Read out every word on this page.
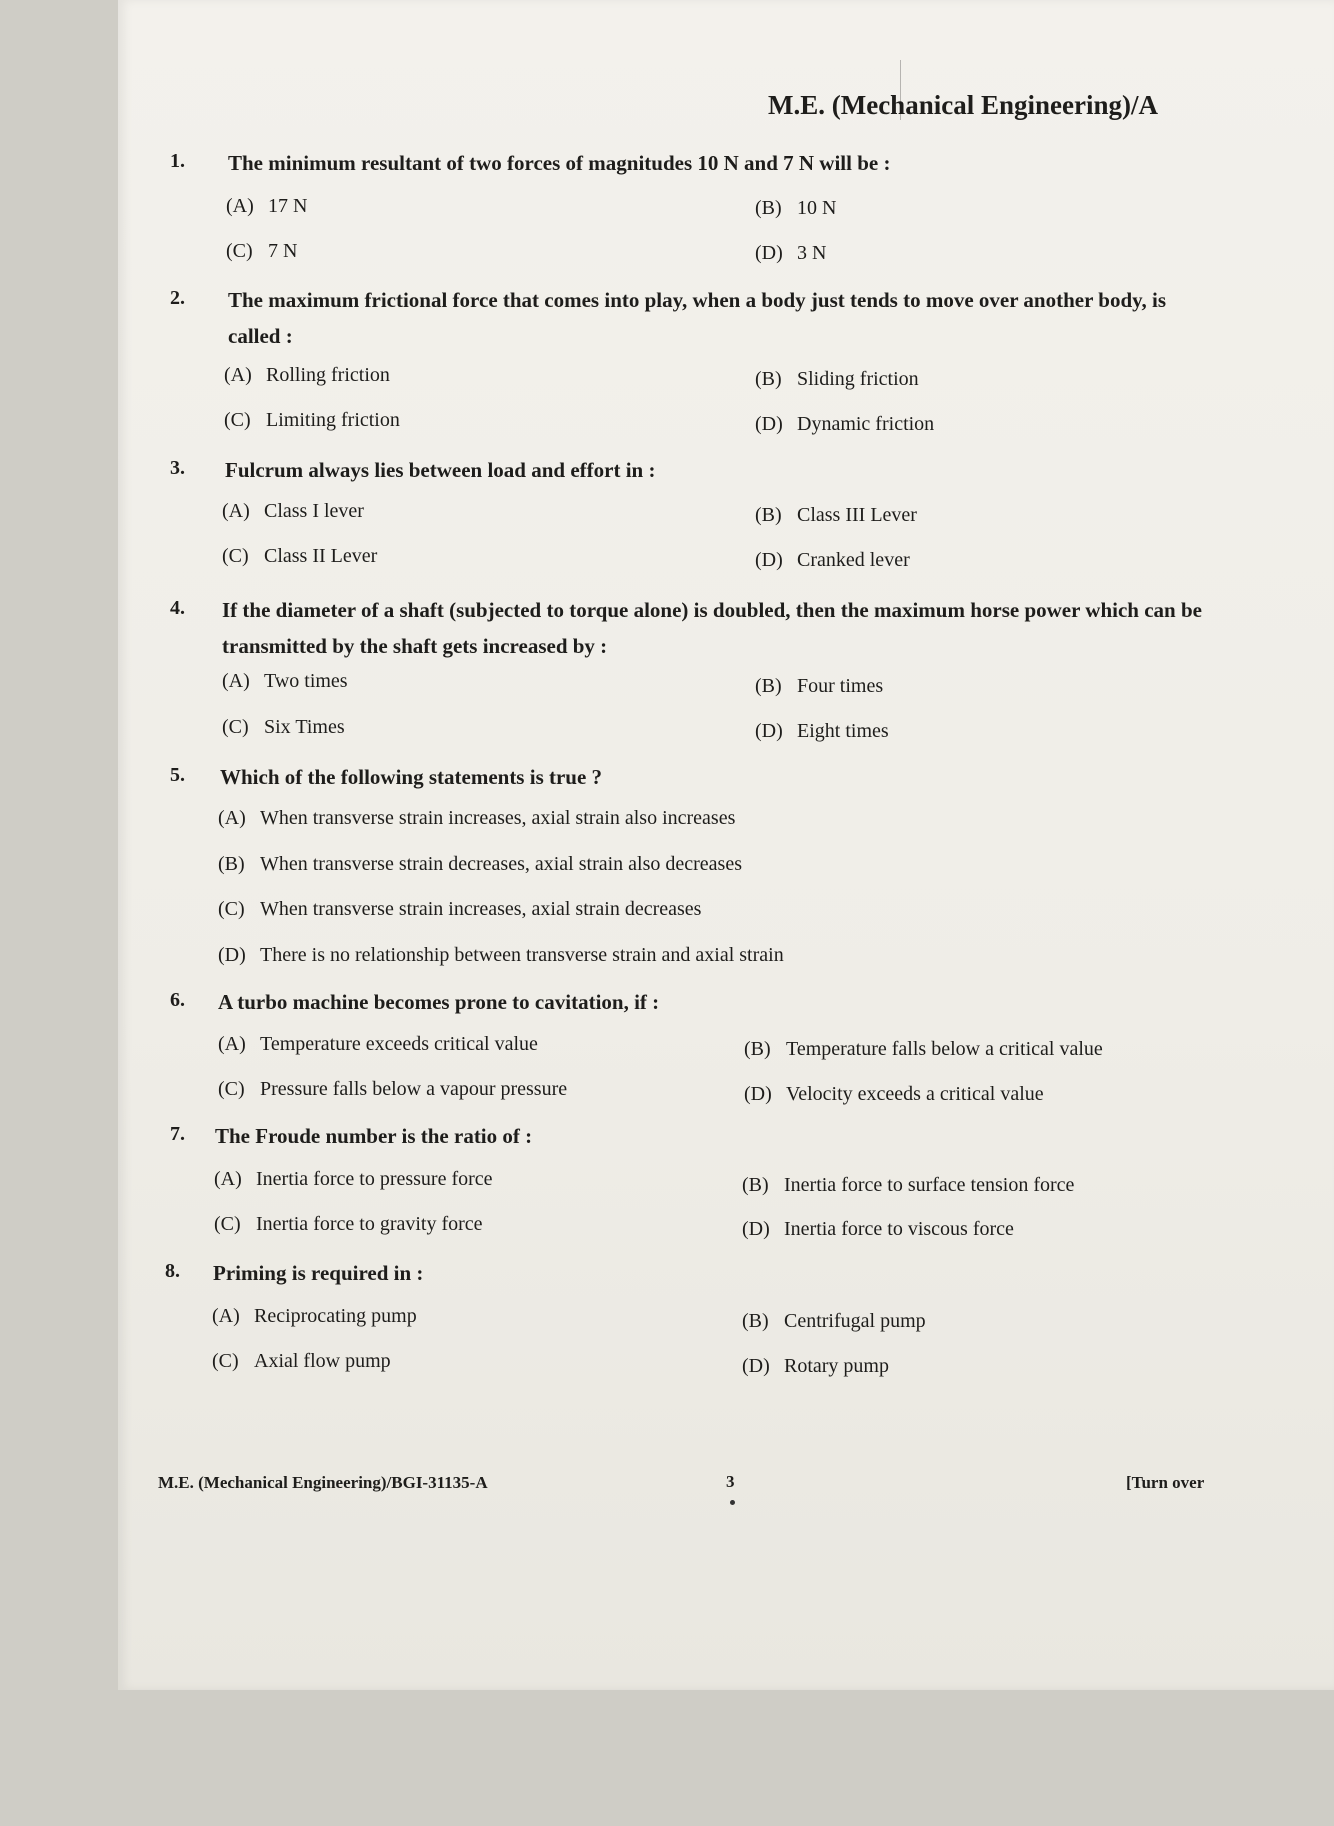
M.E. (Mechanical Engineering)/A
1. The minimum resultant of two forces of magnitudes 10 N and 7 N will be :
(A) 17 N	(B) 10 N
(C) 7 N	(D) 3 N
2. The maximum frictional force that comes into play, when a body just tends to move over another body, is called :
(A) Rolling friction	(B) Sliding friction
(C) Limiting friction	(D) Dynamic friction
3. Fulcrum always lies between load and effort in :
(A) Class I lever	(B) Class III Lever
(C) Class II Lever	(D) Cranked lever
4. If the diameter of a shaft (subjected to torque alone) is doubled, then the maximum horse power which can be transmitted by the shaft gets increased by :
(A) Two times	(B) Four times
(C) Six Times	(D) Eight times
5. Which of the following statements is true ?
(A) When transverse strain increases, axial strain also increases
(B) When transverse strain decreases, axial strain also decreases
(C) When transverse strain increases, axial strain decreases
(D) There is no relationship between transverse strain and axial strain
6. A turbo machine becomes prone to cavitation, if :
(A) Temperature exceeds critical value	(B) Temperature falls below a critical value
(C) Pressure falls below a vapour pressure	(D) Velocity exceeds a critical value
7. The Froude number is the ratio of :
(A) Inertia force to pressure force	(B) Inertia force to surface tension force
(C) Inertia force to gravity force	(D) Inertia force to viscous force
8. Priming is required in :
(A) Reciprocating pump	(B) Centrifugal pump
(C) Axial flow pump	(D) Rotary pump
M.E. (Mechanical Engineering)/BGI-31135-A	3	[Turn over
